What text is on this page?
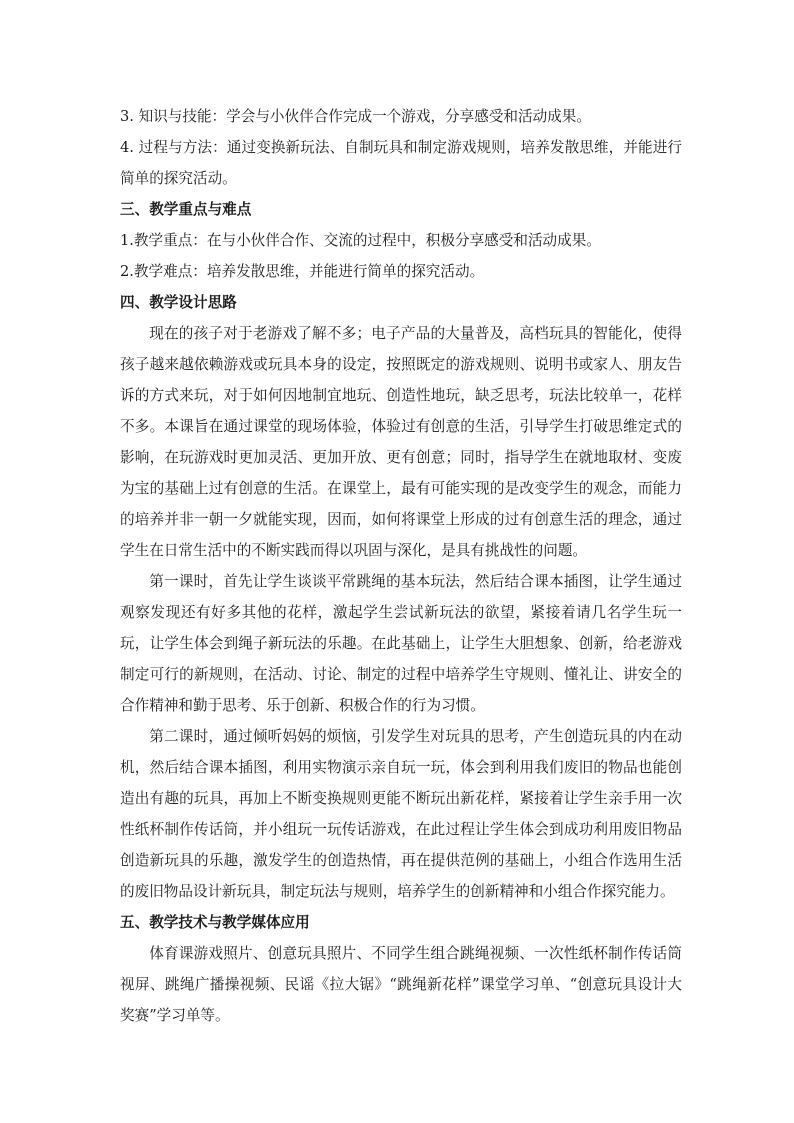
3. 知识与技能：学会与小伙伴合作完成一个游戏，分享感受和活动成果。

4. 过程与方法：通过变换新玩法、自制玩具和制定游戏规则，培养发散思维，并能进行简单的探究活动。

三、教学重点与难点

1.教学重点：在与小伙伴合作、交流的过程中，积极分享感受和活动成果。

2.教学难点：培养发散思维，并能进行简单的探究活动。

四、教学设计思路

现在的孩子对于老游戏了解不多；电子产品的大量普及，高档玩具的智能化，使得孩子越来越依赖游戏或玩具本身的设定，按照既定的游戏规则、说明书或家人、朋友告诉的方式来玩，对于如何因地制宜地玩、创造性地玩，缺乏思考，玩法比较单一，花样不多。本课旨在通过课堂的现场体验，体验过有创意的生活，引导学生打破思维定式的影响，在玩游戏时更加灵活、更加开放、更有创意；同时，指导学生在就地取材、变废为宝的基础上过有创意的生活。在课堂上，最有可能实现的是改变学生的观念，而能力的培养并非一朝一夕就能实现，因而，如何将课堂上形成的过有创意生活的理念，通过学生在日常生活中的不断实践而得以巩固与深化，是具有挑战性的问题。

第一课时，首先让学生谈谈平常跳绳的基本玩法，然后结合课本插图，让学生通过观察发现还有好多其他的花样，激起学生尝试新玩法的欲望，紧接着请几名学生玩一玩，让学生体会到绳子新玩法的乐趣。在此基础上，让学生大胆想象、创新，给老游戏制定可行的新规则，在活动、讨论、制定的过程中培养学生守规则、懂礼让、讲安全的合作精神和勤于思考、乐于创新、积极合作的行为习惯。

第二课时，通过倾听妈妈的烦恼，引发学生对玩具的思考，产生创造玩具的内在动机，然后结合课本插图，利用实物演示亲自玩一玩，体会到利用我们废旧的物品也能创造出有趣的玩具，再加上不断变换规则更能不断玩出新花样，紧接着让学生亲手用一次性纸杯制作传话筒，并小组玩一玩传话游戏，在此过程让学生体会到成功利用废旧物品创造新玩具的乐趣，激发学生的创造热情，再在提供范例的基础上，小组合作选用生活的废旧物品设计新玩具，制定玩法与规则，培养学生的创新精神和小组合作探究能力。

五、教学技术与教学媒体应用

体育课游戏照片、创意玩具照片、不同学生组合跳绳视频、一次性纸杯制作传话筒视屏、跳绳广播操视频、民谣《拉大锯》“跳绳新花样”课堂学习单、“创意玩具设计大奖赛”学习单等。
